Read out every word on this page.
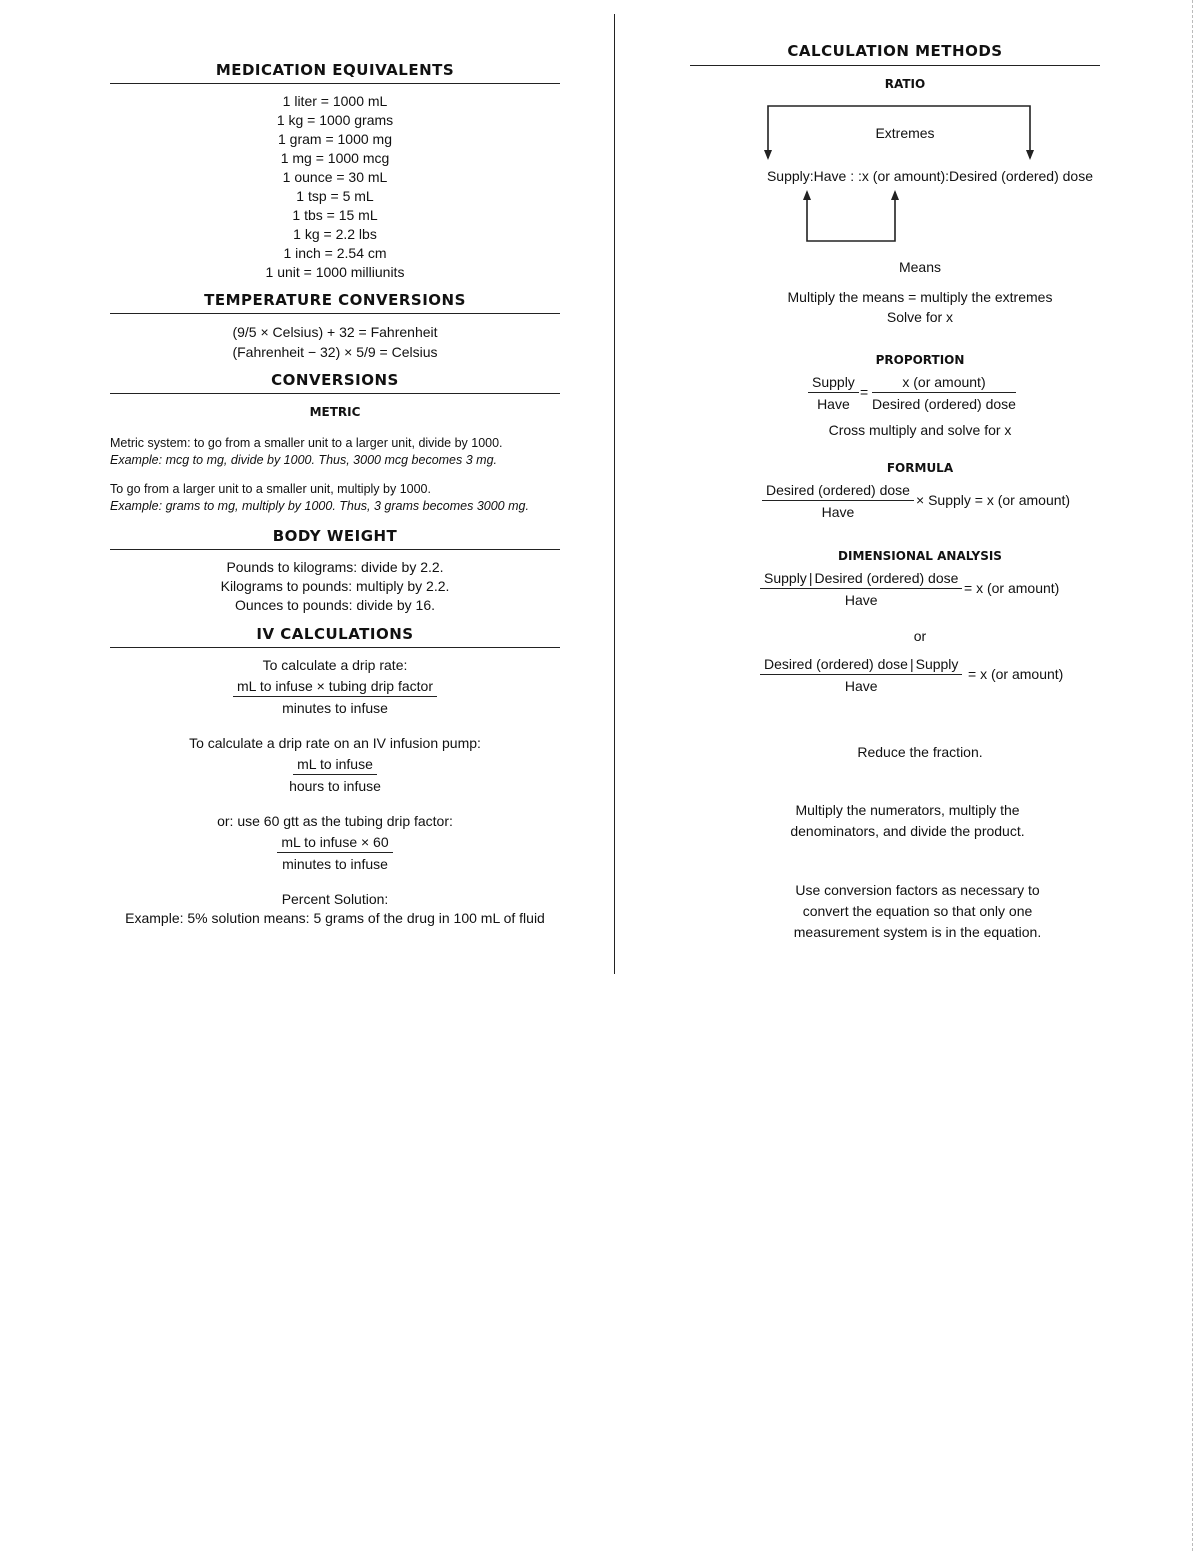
MEDICATION EQUIVALENTS
1 liter = 1000 mL
1 kg = 1000 grams
1 gram = 1000 mg
1 mg = 1000 mcg
1 ounce = 30 mL
1 tsp = 5 mL
1 tbs = 15 mL
1 kg = 2.2 lbs
1 inch = 2.54 cm
1 unit = 1000 milliunits
TEMPERATURE CONVERSIONS
(9/5 × Celsius) + 32 = Fahrenheit
(Fahrenheit − 32) × 5/9 = Celsius
CONVERSIONS
METRIC
Metric system: to go from a smaller unit to a larger unit, divide by 1000.
Example: mcg to mg, divide by 1000. Thus, 3000 mcg becomes 3 mg.
To go from a larger unit to a smaller unit, multiply by 1000.
Example: grams to mg, multiply by 1000. Thus, 3 grams becomes 3000 mg.
BODY WEIGHT
Pounds to kilograms: divide by 2.2.
Kilograms to pounds: multiply by 2.2.
Ounces to pounds: divide by 16.
IV CALCULATIONS
To calculate a drip rate:
mL to infuse × tubing drip factor
minutes to infuse
To calculate a drip rate on an IV infusion pump:
mL to infuse
hours to infuse
or: use 60 gtt as the tubing drip factor:
mL to infuse × 60
minutes to infuse
Percent Solution:
Example: 5% solution means: 5 grams of the drug in 100 mL of fluid
CALCULATION METHODS
RATIO
Extremes
Supply:Have : :x (or amount):Desired (ordered) dose
Means
Multiply the means = multiply the extremes
Solve for x
PROPORTION
Supply
Have
=
x (or amount)
Desired (ordered) dose
Cross multiply and solve for x
FORMULA
Desired (ordered) dose
Have
× Supply = x (or amount)
DIMENSIONAL ANALYSIS
Supply | Desired (ordered) dose
Have
= x (or amount)
or
Desired (ordered) dose | Supply
Have
= x (or amount)
Reduce the fraction.
Multiply the numerators, multiply the denominators, and divide the product.
Use conversion factors as necessary to convert the equation so that only one measurement system is in the equation.
